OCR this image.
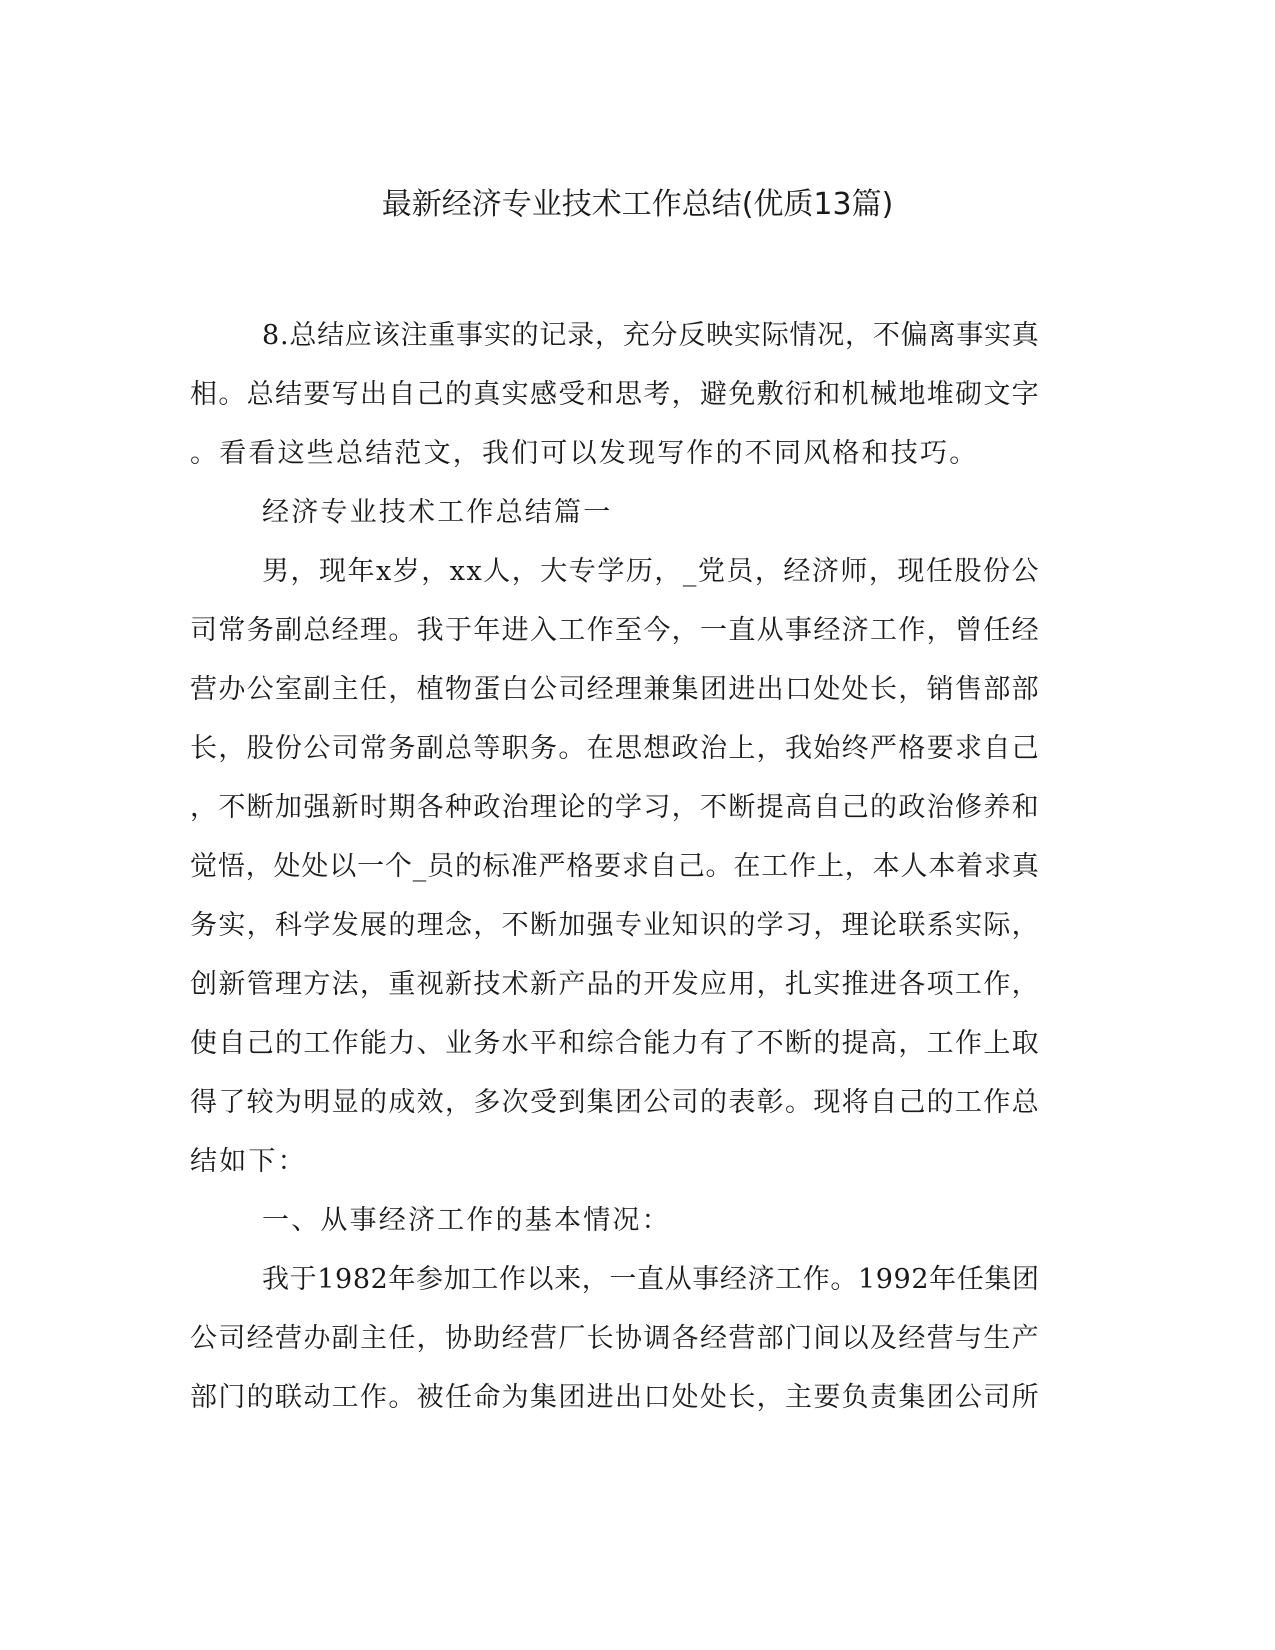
最新经济专业技术工作总结(优质13篇)

8.总结应该注重事实的记录，充分反映实际情况，不偏离事实真

相。总结要写出自己的真实感受和思考，避免敷衍和机械地堆砌文字

。看看这些总结范文，我们可以发现写作的不同风格和技巧。

经济专业技术工作总结篇一

男，现年x岁，xx人，大专学历，_党员，经济师，现任股份公

司常务副总经理。我于年进入工作至今，一直从事经济工作，曾任经

营办公室副主任，植物蛋白公司经理兼集团进出口处处长，销售部部

长，股份公司常务副总等职务。在思想政治上，我始终严格要求自己

，不断加强新时期各种政治理论的学习，不断提高自己的政治修养和

觉悟，处处以一个_员的标准严格要求自己。在工作上，本人本着求真

务实，科学发展的理念，不断加强专业知识的学习，理论联系实际，

创新管理方法，重视新技术新产品的开发应用，扎实推进各项工作，

使自己的工作能力、业务水平和综合能力有了不断的提高，工作上取

得了较为明显的成效，多次受到集团公司的表彰。现将自己的工作总

结如下：

一、从事经济工作的基本情况：

我于1982年参加工作以来，一直从事经济工作。1992年任集团

公司经营办副主任，协助经营厂长协调各经营部门间以及经营与生产

部门的联动工作。被任命为集团进出口处处长，主要负责集团公司所
